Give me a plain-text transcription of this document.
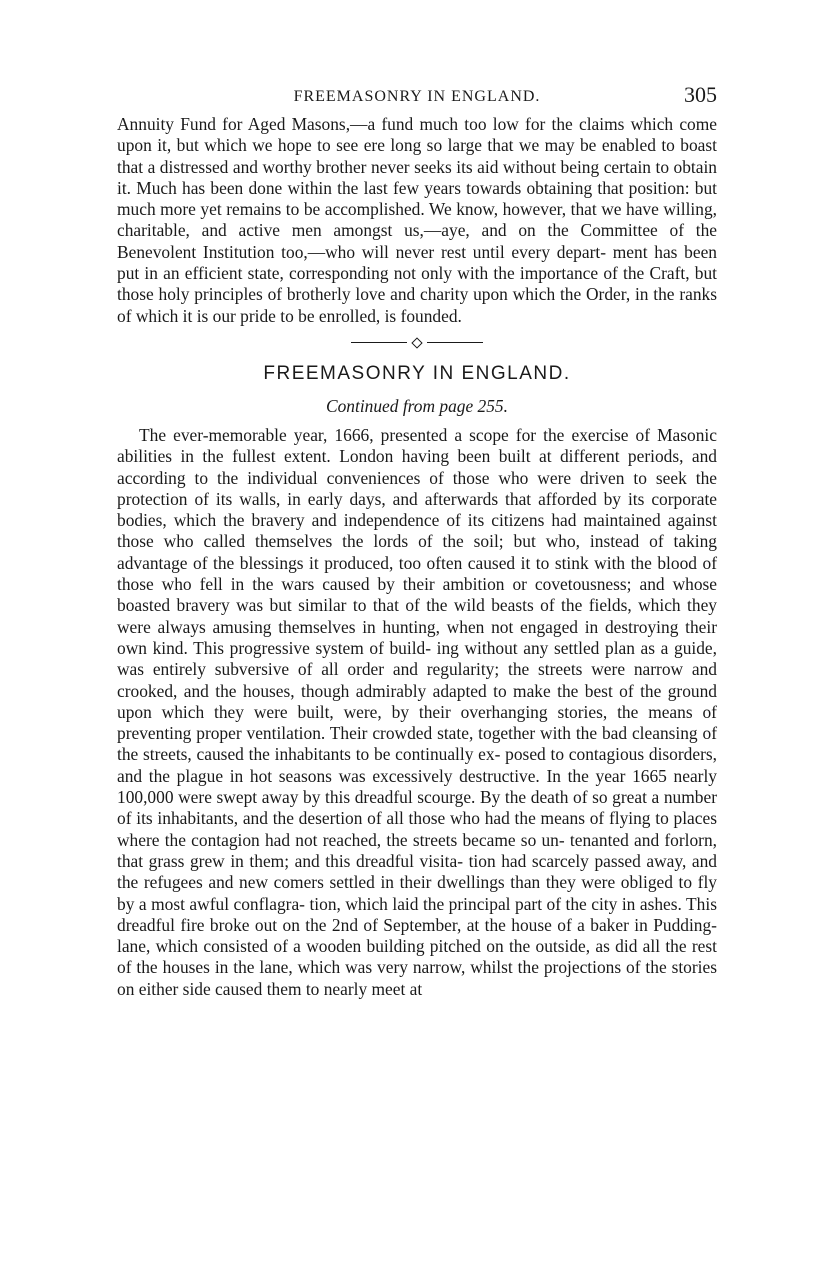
FREEMASONRY IN ENGLAND.	305

Annuity Fund for Aged Masons,—a fund much too low for the claims which come upon it, but which we hope to see ere long so large that we may be enabled to boast that a distressed and worthy brother never seeks its aid without being certain to obtain it. Much has been done within the last few years towards obtaining that position: but much more yet remains to be accomplished. We know, however, that we have willing, charitable, and active men amongst us,—aye, and on the Committee of the Benevolent Institution too,—who will never rest until every depart- ment has been put in an efficient state, corresponding not only with the importance of the Craft, but those holy principles of brotherly love and charity upon which the Order, in the ranks of which it is our pride to be enrolled, is founded.

FREEMASONRY IN ENGLAND.
Continued from page 255.

The ever-memorable year, 1666, presented a scope for the exercise of Masonic abilities in the fullest extent. London having been built at different periods, and according to the individual conveniences of those who were driven to seek the protection of its walls, in early days, and afterwards that afforded by its corporate bodies, which the bravery and independence of its citizens had maintained against those who called themselves the lords of the soil; but who, instead of taking advantage of the blessings it produced, too often caused it to stink with the blood of those who fell in the wars caused by their ambition or covetousness; and whose boasted bravery was but similar to that of the wild beasts of the fields, which they were always amusing themselves in hunting, when not engaged in destroying their own kind. This progressive system of build- ing without any settled plan as a guide, was entirely subversive of all order and regularity; the streets were narrow and crooked, and the houses, though admirably adapted to make the best of the ground upon which they were built, were, by their overhanging stories, the means of preventing proper ventilation. Their crowded state, together with the bad cleansing of the streets, caused the inhabitants to be continually ex- posed to contagious disorders, and the plague in hot seasons was excessively destructive. In the year 1665 nearly 100,000 were swept away by this dreadful scourge. By the death of so great a number of its inhabitants, and the desertion of all those who had the means of flying to places where the contagion had not reached, the streets became so un- tenanted and forlorn, that grass grew in them; and this dreadful visita- tion had scarcely passed away, and the refugees and new comers settled in their dwellings than they were obliged to fly by a most awful conflagra- tion, which laid the principal part of the city in ashes. This dreadful fire broke out on the 2nd of September, at the house of a baker in Pudding-lane, which consisted of a wooden building pitched on the outside, as did all the rest of the houses in the lane, which was very narrow, whilst the projections of the stories on either side caused them to nearly meet at
